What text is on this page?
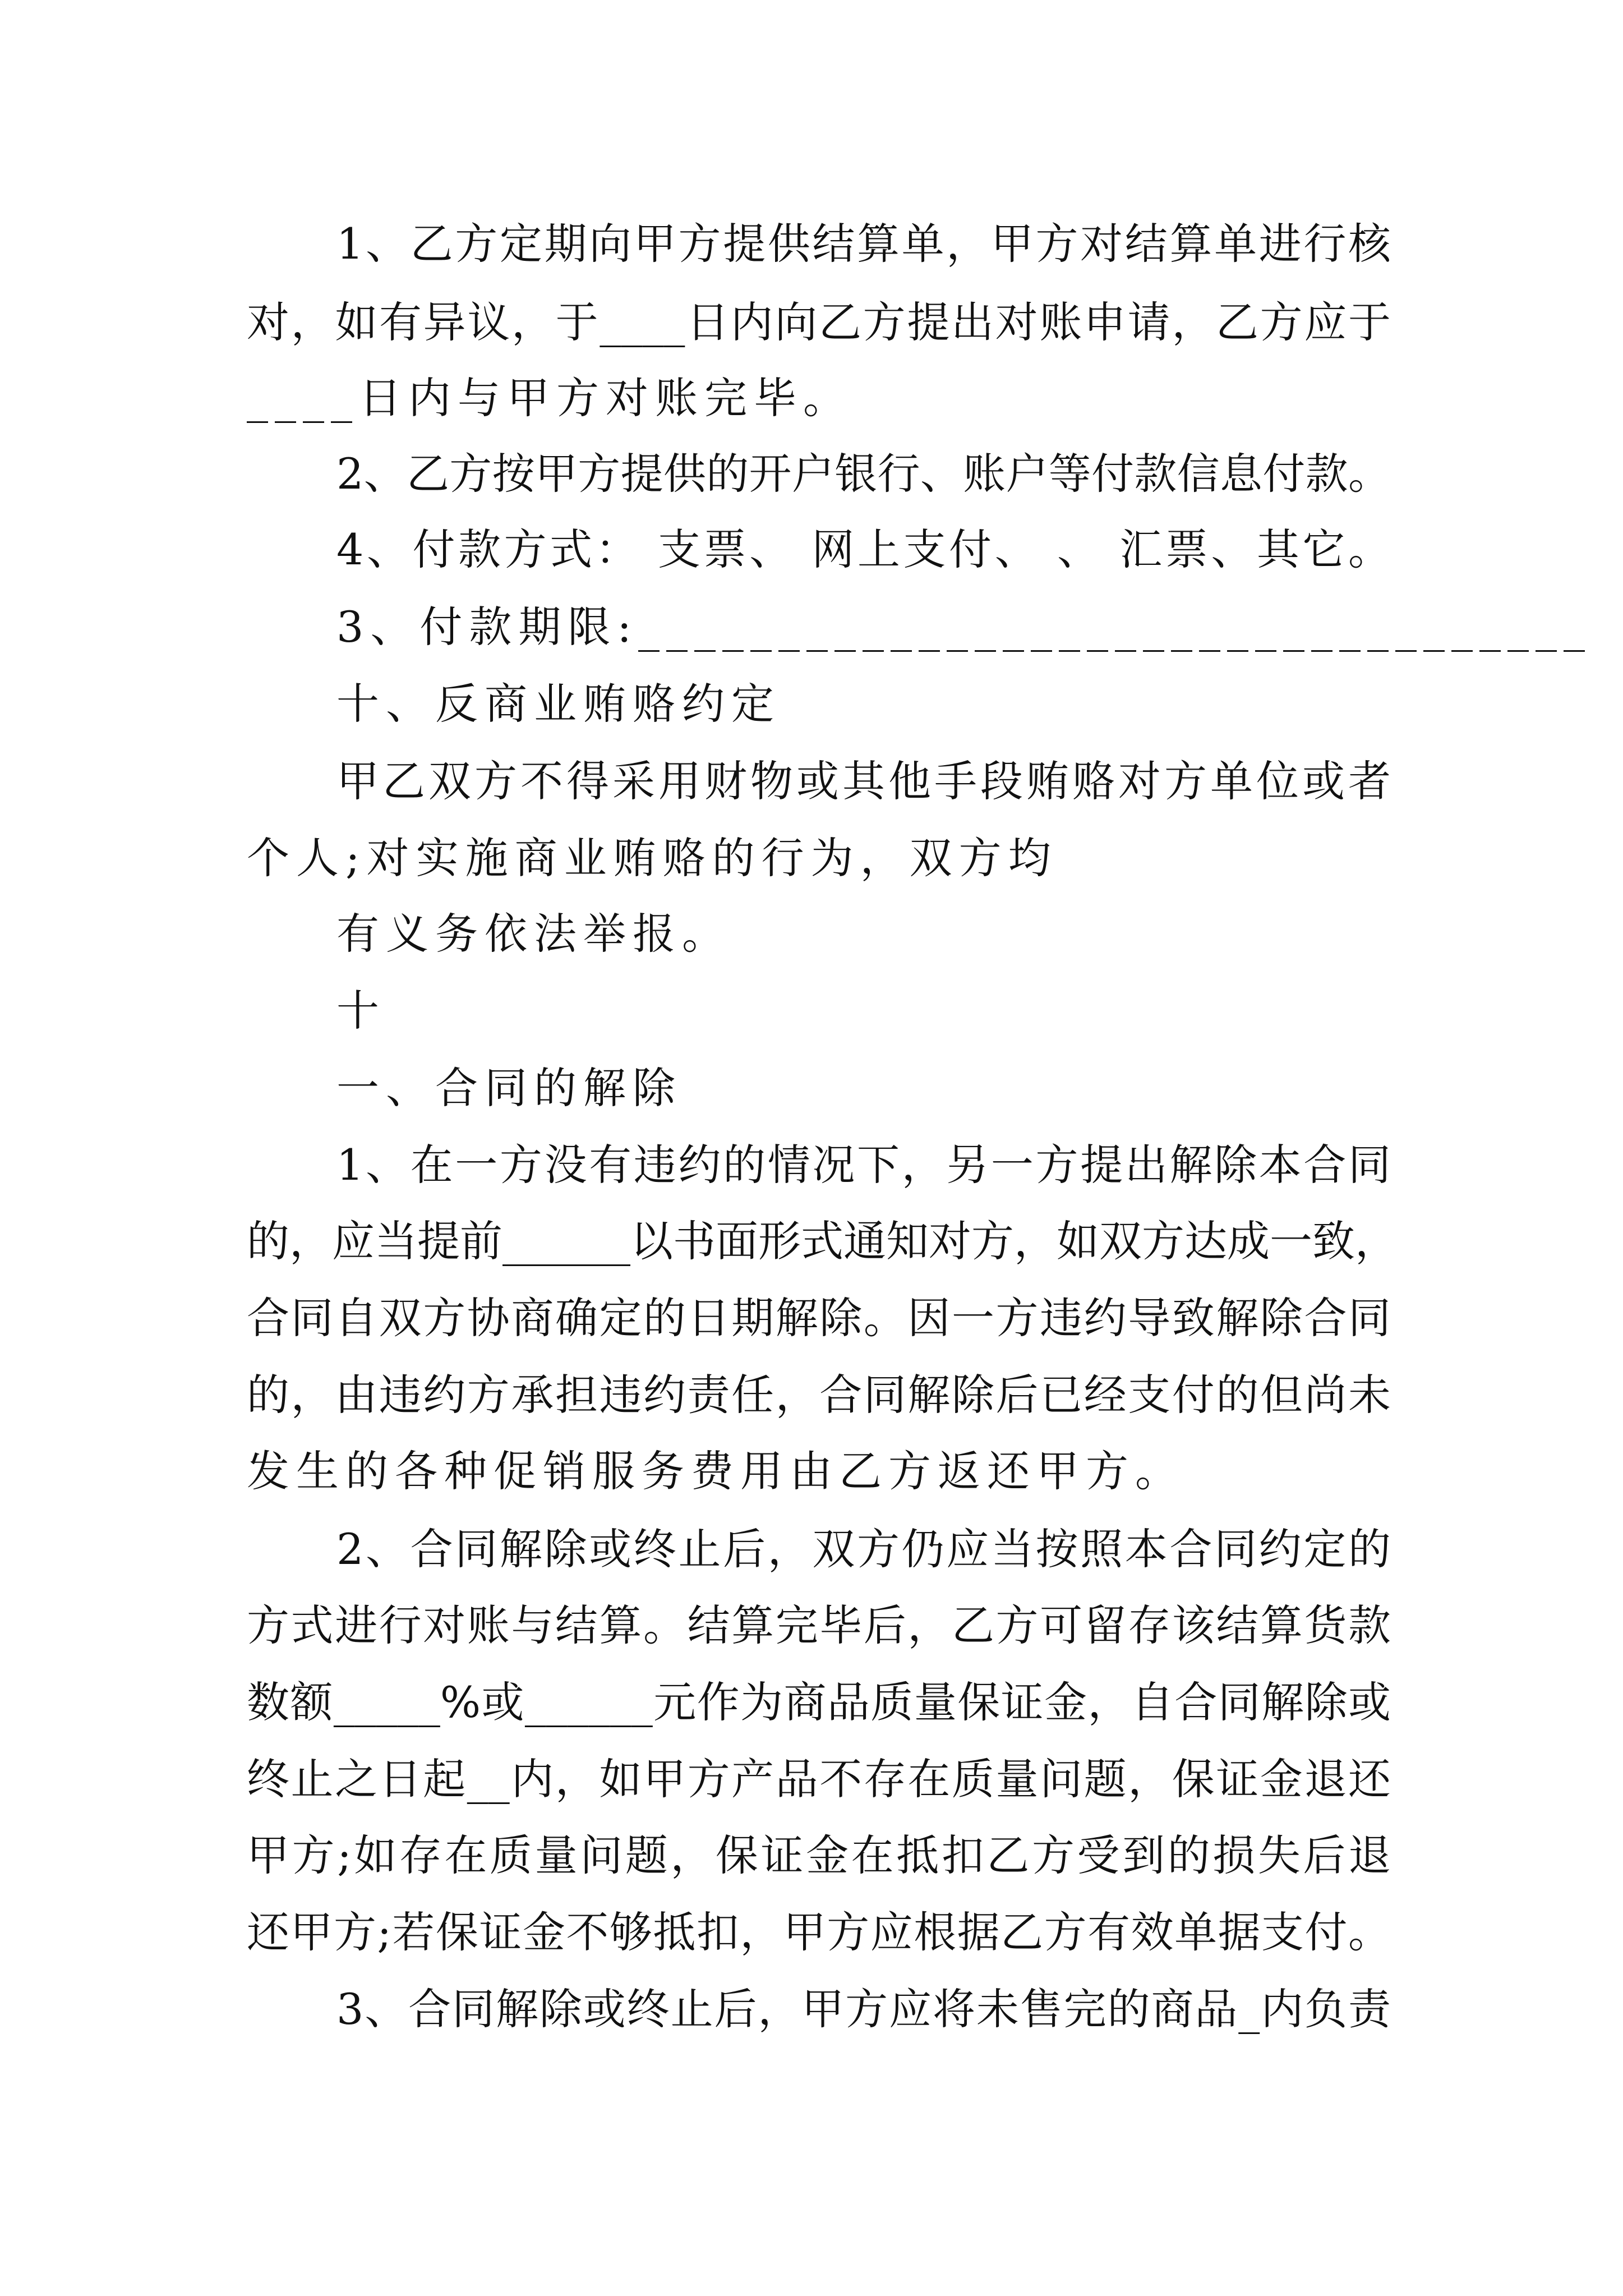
1、乙方定期向甲方提供结算单，甲方对结算单进行核
对，如有异议，于____日内向乙方提出对账申请，乙方应于
____日内与甲方对账完毕。
2、乙方按甲方提供的开户银行、账户等付款信息付款。
4、付款方式： 支票、 网上支付、 、 汇票、其它。
3、付款期限:__________________________________
十、反商业贿赂约定
甲乙双方不得采用财物或其他手段贿赂对方单位或者
个人;对实施商业贿赂的行为，双方均
有义务依法举报。
十
一、合同的解除
1、在一方没有违约的情况下，另一方提出解除本合同
的，应当提前______以书面形式通知对方，如双方达成一致，
合同自双方协商确定的日期解除。因一方违约导致解除合同
的，由违约方承担违约责任，合同解除后已经支付的但尚未
发生的各种促销服务费用由乙方返还甲方。
2、合同解除或终止后，双方仍应当按照本合同约定的
方式进行对账与结算。结算完毕后，乙方可留存该结算货款
数额_____%或______元作为商品质量保证金，自合同解除或
终止之日起__内，如甲方产品不存在质量问题，保证金退还
甲方;如存在质量问题，保证金在抵扣乙方受到的损失后退
还甲方;若保证金不够抵扣，甲方应根据乙方有效单据支付。
3、合同解除或终止后，甲方应将未售完的商品_内负责
